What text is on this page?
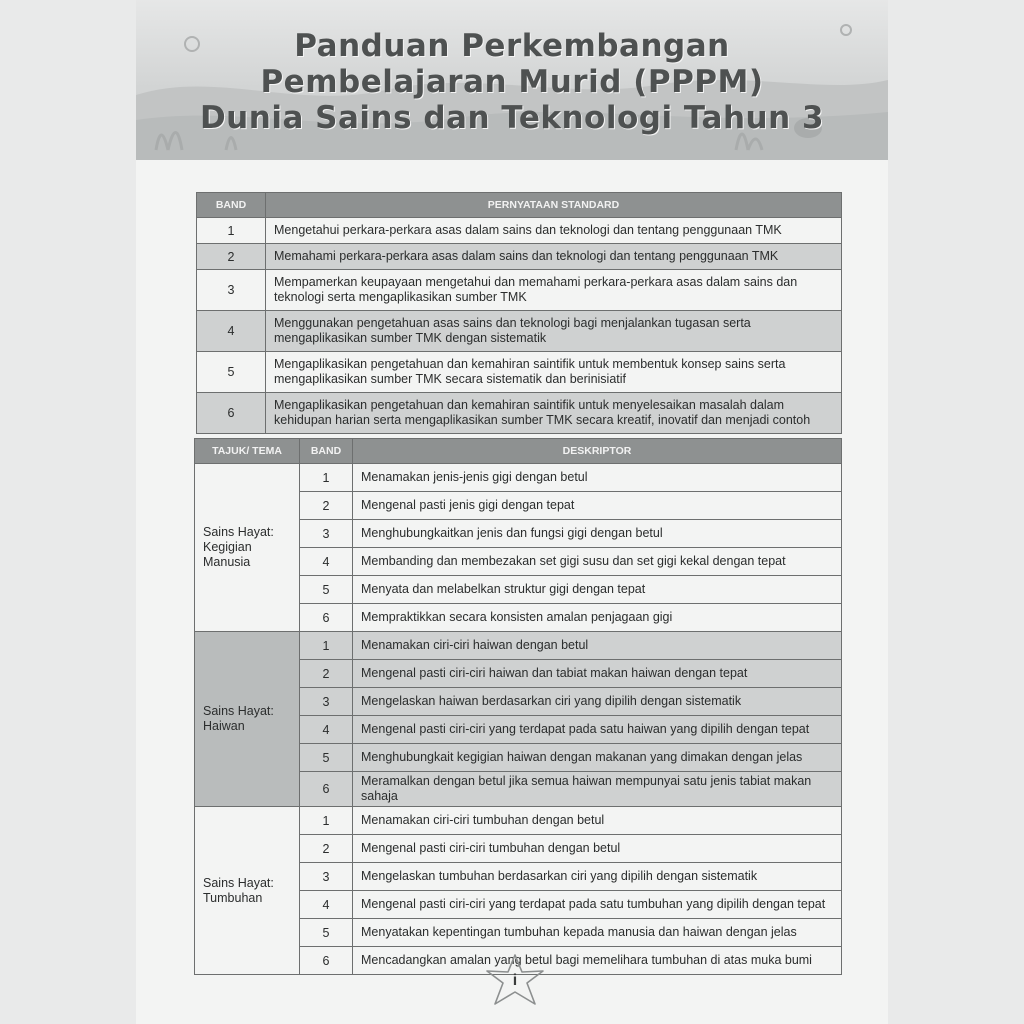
Panduan Perkembangan
Pembelajaran Murid (PPPM)
Dunia Sains dan Teknologi Tahun 3
BAND	PERNYATAAN STANDARD
1	Mengetahui perkara-perkara asas dalam sains dan teknologi dan tentang penggunaan TMK
2	Memahami perkara-perkara asas dalam sains dan teknologi dan tentang penggunaan TMK
3	Mempamerkan keupayaan mengetahui dan memahami perkara-perkara asas dalam sains dan teknologi serta mengaplikasikan sumber TMK
4	Menggunakan pengetahuan asas sains dan teknologi bagi menjalankan tugasan serta mengaplikasikan sumber TMK dengan sistematik
5	Mengaplikasikan pengetahuan dan kemahiran saintifik untuk membentuk konsep sains serta mengaplikasikan sumber TMK secara sistematik dan berinisiatif
6	Mengaplikasikan pengetahuan dan kemahiran saintifik untuk menyelesaikan masalah dalam kehidupan harian serta mengaplikasikan sumber TMK secara kreatif, inovatif dan menjadi contoh
TAJUK/ TEMA	BAND	DESKRIPTOR
Sains Hayat: Kegigian Manusia	1	Menamakan jenis-jenis gigi dengan betul
	2	Mengenal pasti jenis gigi dengan tepat
	3	Menghubungkaitkan jenis dan fungsi gigi dengan betul
	4	Membanding dan membezakan set gigi susu dan set gigi kekal dengan tepat
	5	Menyata dan melabelkan struktur gigi dengan tepat
	6	Mempraktikkan secara konsisten amalan penjagaan gigi
Sains Hayat: Haiwan	1	Menamakan ciri-ciri haiwan dengan betul
	2	Mengenal pasti ciri-ciri haiwan dan tabiat makan haiwan dengan tepat
	3	Mengelaskan haiwan berdasarkan ciri yang dipilih dengan sistematik
	4	Mengenal pasti ciri-ciri yang terdapat pada satu haiwan yang dipilih dengan tepat
	5	Menghubungkait kegigian haiwan dengan makanan yang dimakan dengan jelas
	6	Meramalkan dengan betul jika semua haiwan mempunyai satu jenis tabiat makan sahaja
Sains Hayat: Tumbuhan	1	Menamakan ciri-ciri tumbuhan dengan betul
	2	Mengenal pasti ciri-ciri tumbuhan dengan betul
	3	Mengelaskan tumbuhan berdasarkan ciri yang dipilih dengan sistematik
	4	Mengenal pasti ciri-ciri yang terdapat pada satu tumbuhan yang dipilih dengan tepat
	5	Menyatakan kepentingan tumbuhan kepada manusia dan haiwan dengan jelas
	6	Mencadangkan amalan yang betul bagi memelihara tumbuhan di atas muka bumi
i
